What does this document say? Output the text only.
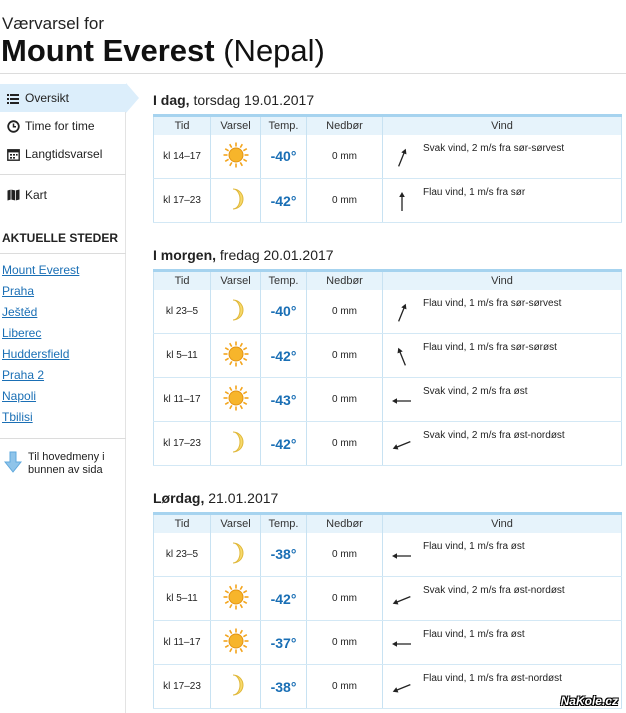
Værvarsel for
Mount Everest (Nepal)
Oversikt
Time for time
Langtidsvarsel
Kart
AKTUELLE STEDER
Mount Everest
Praha
Ještěd
Liberec
Huddersfield
Praha 2
Napoli
Tbilisi
Til hovedmeny i
bunnen av sida
I dag, torsdag 19.01.2017
Tid	Varsel	Temp.	Nedbør	Vind
kl 14–17		-40°	0 mm	Svak vind, 2 m/s fra sør-sørvest

kl 17–23		-42°	0 mm	Flau vind, 1 m/s fra sør
I morgen, fredag 20.01.2017
Tid	Varsel	Temp.	Nedbør	Vind
kl 23–5		-40°	0 mm	Flau vind, 1 m/s fra sør-sørvest

kl 5–11		-42°	0 mm	Flau vind, 1 m/s fra sør-sørøst

kl 11–17		-43°	0 mm	Svak vind, 2 m/s fra øst

kl 17–23		-42°	0 mm	Svak vind, 2 m/s fra øst-nordøst
Lørdag, 21.01.2017
Tid	Varsel	Temp.	Nedbør	Vind
kl 23–5		-38°	0 mm	Flau vind, 1 m/s fra øst

kl 5–11		-42°	0 mm	Svak vind, 2 m/s fra øst-nordøst

kl 11–17		-37°	0 mm	Flau vind, 1 m/s fra øst

kl 17–23		-38°	0 mm	Flau vind, 1 m/s fra øst-nordøst
NaKole.cz
